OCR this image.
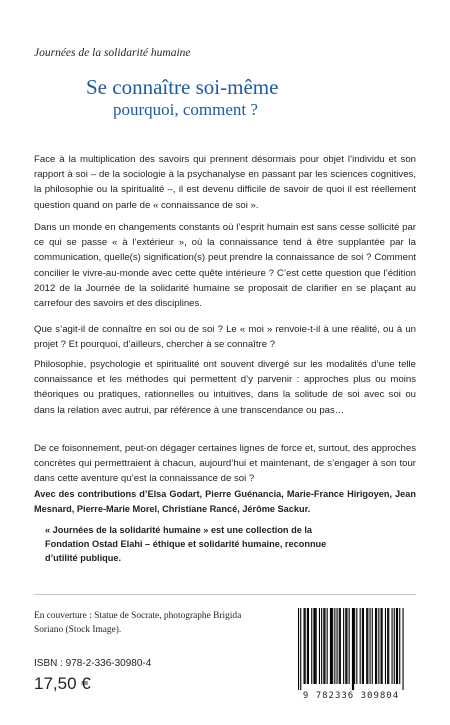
Journées de la solidarité humaine

Se connaître soi-même
pourquoi, comment ?

Face à la multiplication des savoirs qui prennent désormais pour objet l’individu et son rapport à soi – de la sociologie à la psychanalyse en passant par les sciences cognitives, la philosophie ou la spiritualité –, il est devenu difficile de savoir de quoi il est réellement question quand on parle de « connaissance de soi ».

Dans un monde en changements constants où l’esprit humain est sans cesse sollicité par ce qui se passe « à l’extérieur », où la connaissance tend à être supplantée par la communication, quelle(s) signification(s) peut prendre la connaissance de soi ? Comment concilier le vivre-au-monde avec cette quête intérieure ? C’est cette question que l’édition 2012 de la Journée de la solidarité humaine se proposait de clarifier en se plaçant au carrefour des savoirs et des disciplines.

Que s’agit-il de connaître en soi ou de soi ? Le « moi » renvoie-t-il à une réalité, ou à un projet ? Et pourquoi, d’ailleurs, chercher à se connaître ?

Philosophie, psychologie et spiritualité ont souvent divergé sur les modalités d’une telle connaissance et les méthodes qui permettent d’y parvenir : approches plus ou moins théoriques ou pratiques, rationnelles ou intuitives, dans la solitude de soi avec soi ou dans la relation avec autrui, par référence à une transcendance ou pas…

De ce foisonnement, peut-on dégager certaines lignes de force et, surtout, des approches concrètes qui permettraient à chacun, aujourd’hui et maintenant, de s’engager à son tour dans cette aventure qu’est la connaissance de soi ?

Avec des contributions d’Elsa Godart, Pierre Guénancia, Marie-France Hirigoyen, Jean Mesnard, Pierre-Marie Morel, Christiane Rancé, Jérôme Sackur.

« Journées de la solidarité humaine » est une collection de la Fondation Ostad Elahi – éthique et solidarité humaine, reconnue d’utilité publique.

En couverture : Statue de Socrate, photographe Brigida Soriano (Stock Image).

ISBN : 978-2-336-30980-4

17,50 €

9 782336 309804
